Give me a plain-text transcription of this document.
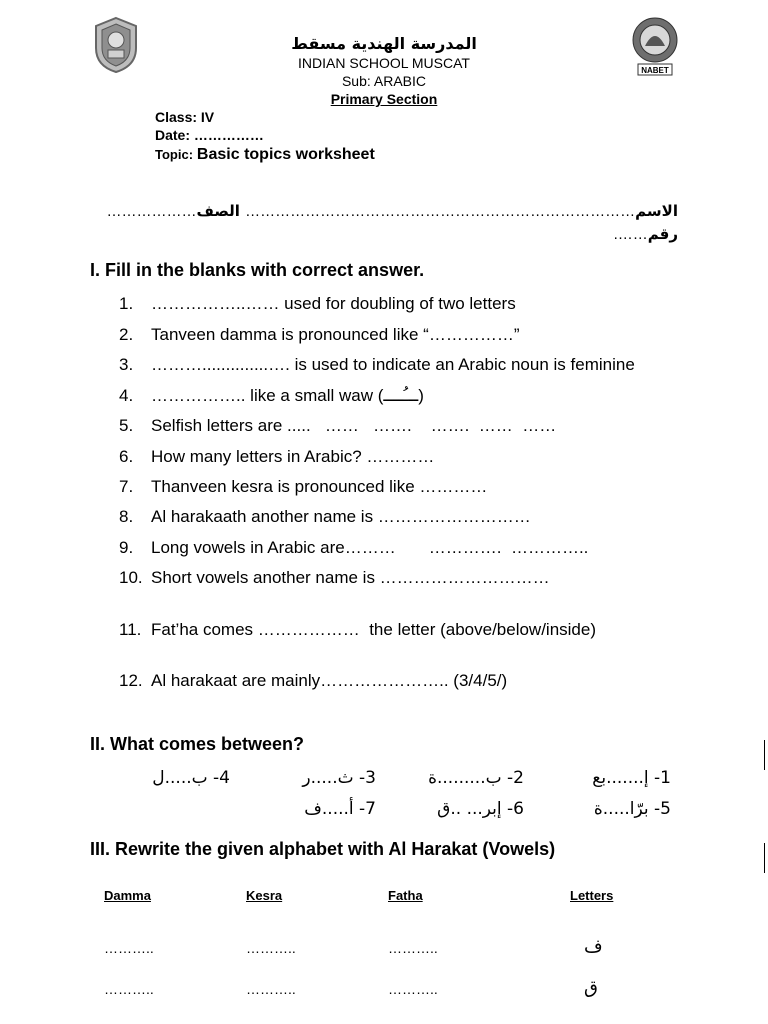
NABET
المدرسة الهندية مسقط
INDIAN SCHOOL MUSCAT
Sub: ARABIC
Primary Section
Class: IV
Date: ……………
Topic: Basic topics worksheet
الاسم…………………………………………………………………… الصف………………
رقم…….
I. Fill in the blanks with correct answer.
1. ……………..…… used for doubling of two letters
2. Tanveen damma is pronounced like “……………”
3. ………..............…. is used to indicate an Arabic noun is feminine
4. …………….. like a small waw (ـــُــــ)
5. Selfish letters are .....   ……   …….    …….  ……  ……
6. How many letters in Arabic? …………
7. Thanveen kesra is pronounced like …………
8. Al harakaath another name is ………………………
9. Long vowels in Arabic are………       ………….  …………..
10. Short vowels another name is …………………………
11. Fat’ha comes ………………  the letter (above/below/inside)
12. Al harakaat are mainly………………….. (3/4/5/)
II. What comes between?
1- إ.......بع
2- ب.........ة
3- ث.....ر
4- ب.....ل
5- برّا.....ة
6- إبر... ..ق
7- أ.....ف
III. Rewrite the given alphabet with Al Harakat (Vowels)
Damma	Kesra	Fatha	Letters
………..	………..	………..	ف
………..	………..	………..	ق
